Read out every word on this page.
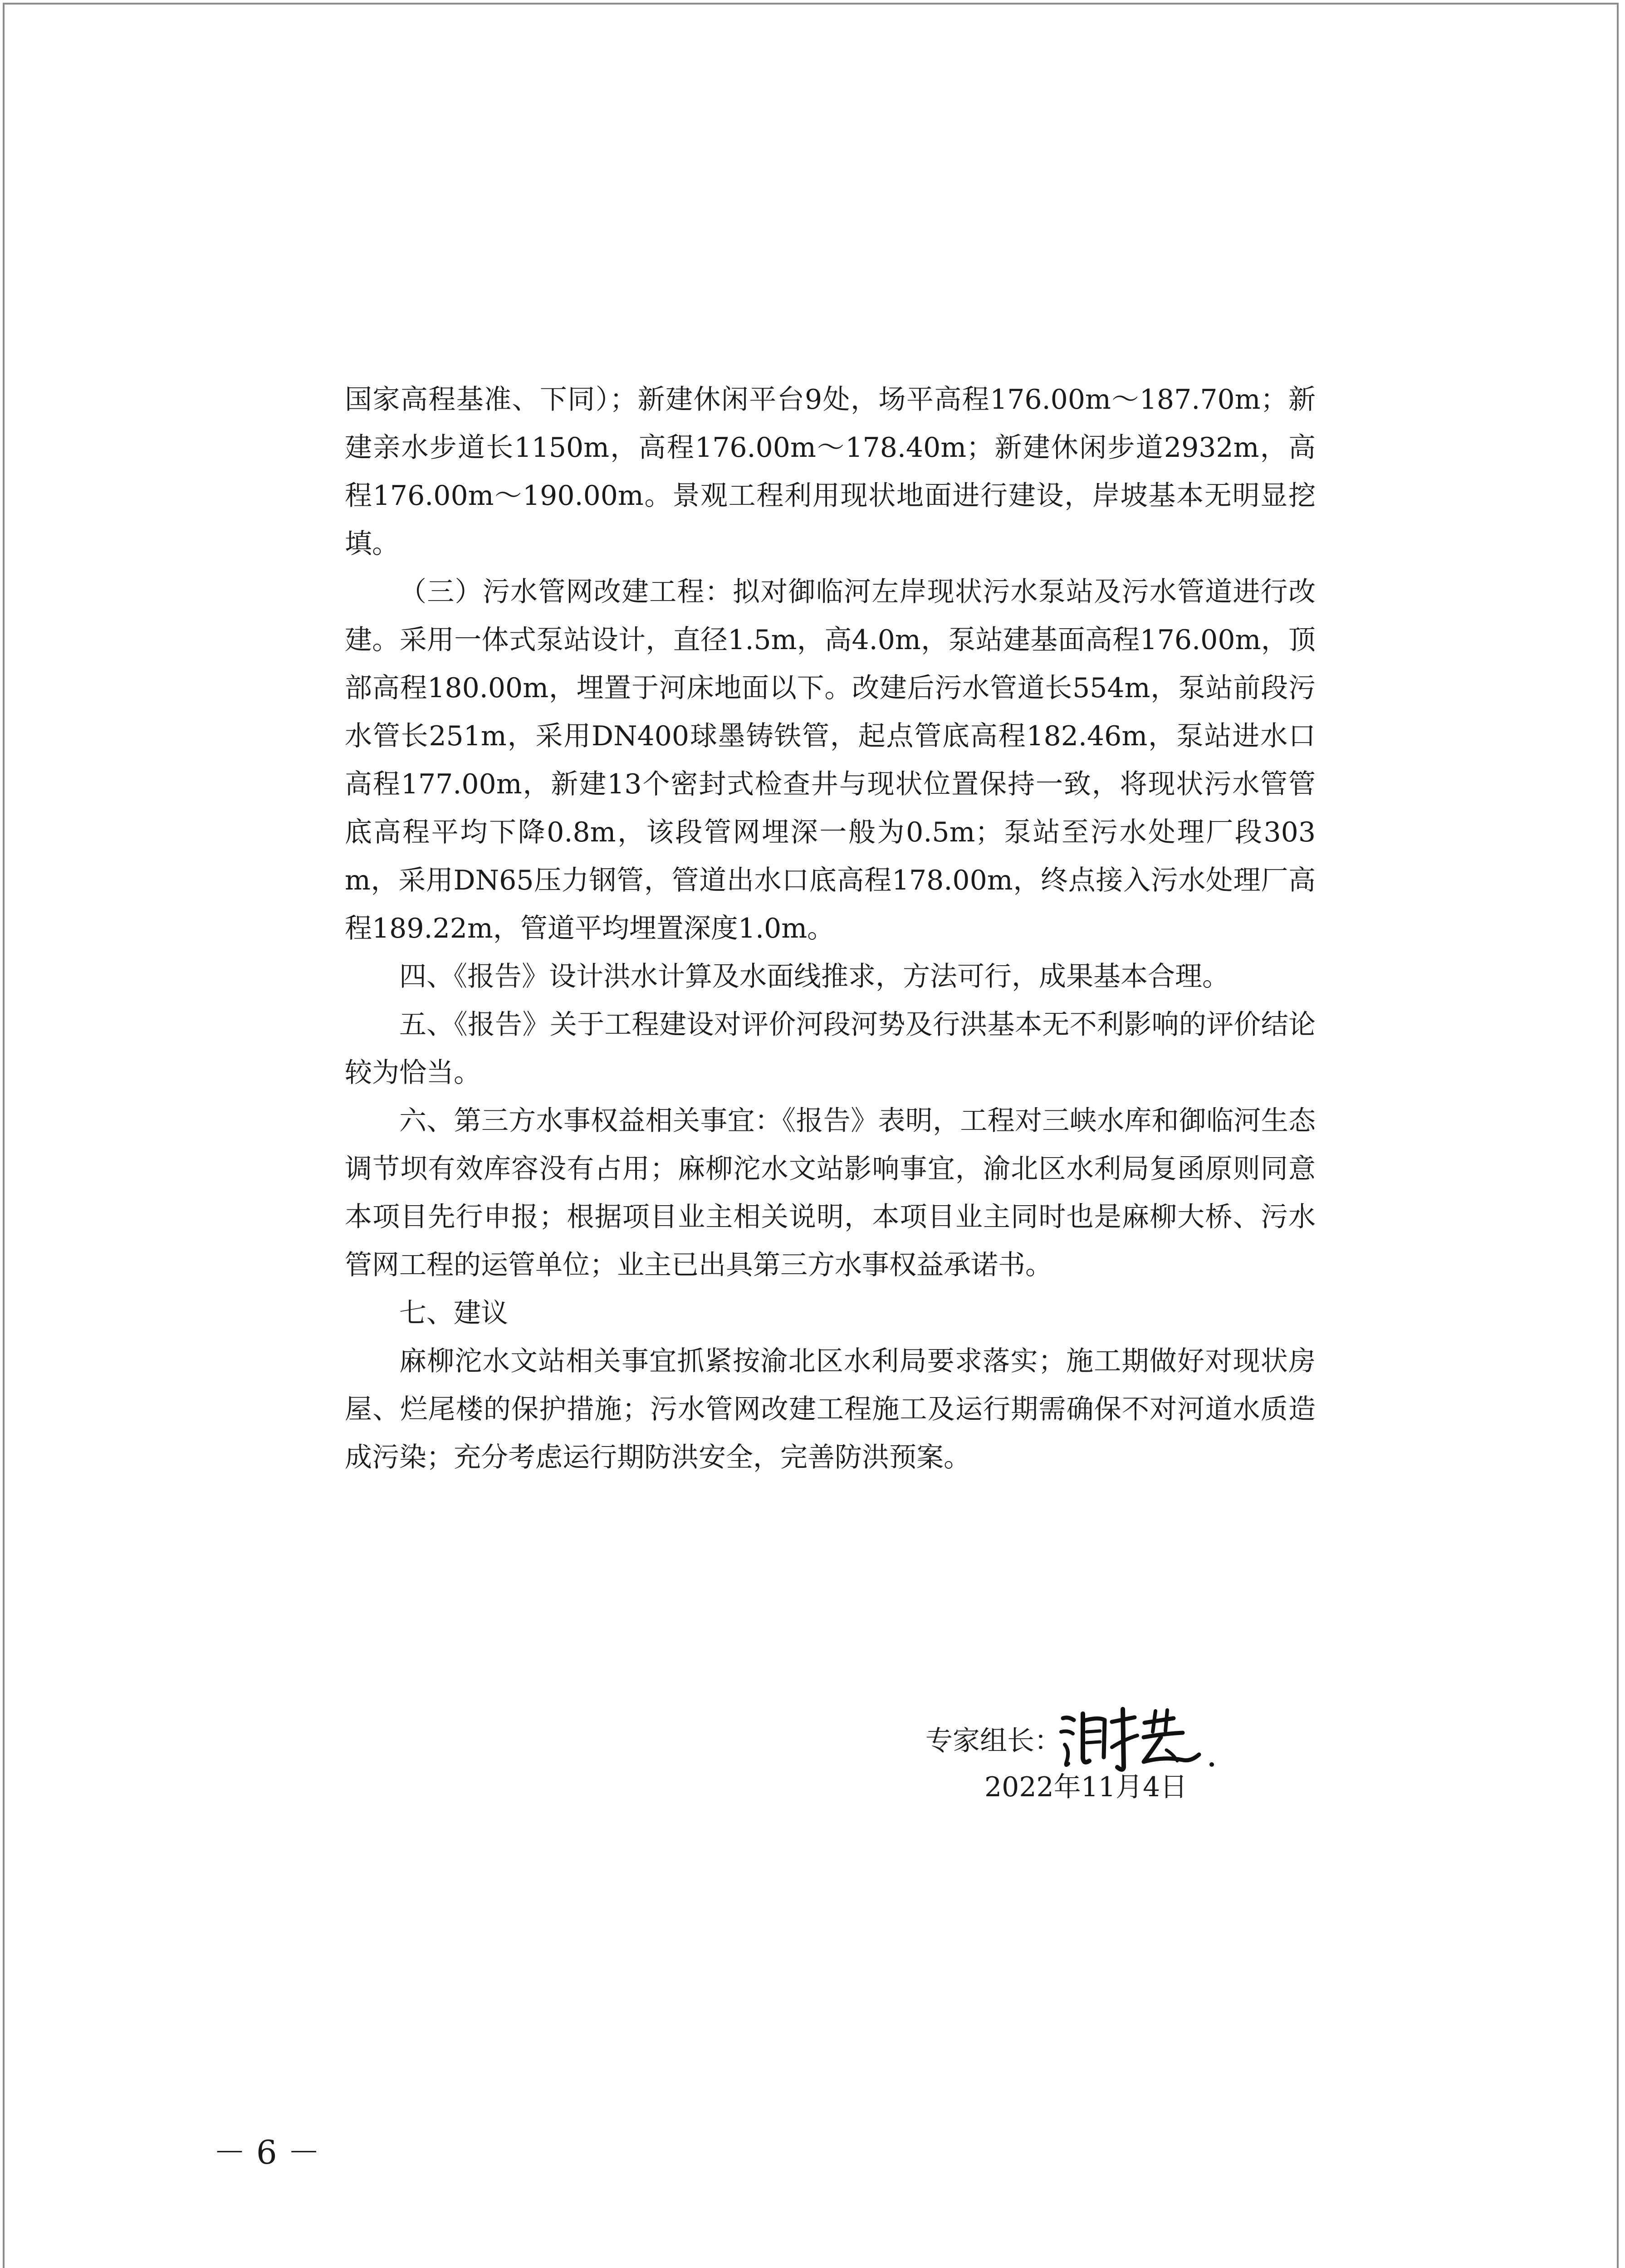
国家高程基准、下同）；新建休闲平台9处，场平高程176.00m～187.70m；新建亲水步道长1150m，高程176.00m～178.40m；新建休闲步道2932m，高程176.00m～190.00m。景观工程利用现状地面进行建设，岸坡基本无明显挖填。

（三）污水管网改建工程：拟对御临河左岸现状污水泵站及污水管道进行改建。采用一体式泵站设计，直径1.5m，高4.0m，泵站建基面高程176.00m，顶部高程180.00m，埋置于河床地面以下。改建后污水管道长554m，泵站前段污水管长251m，采用DN400球墨铸铁管，起点管底高程182.46m，泵站进水口高程177.00m，新建13个密封式检查井与现状位置保持一致，将现状污水管管底高程平均下降0.8m，该段管网埋深一般为0.5m；泵站至污水处理厂段303m，采用DN65压力钢管，管道出水口底高程178.00m，终点接入污水处理厂高程189.22m，管道平均埋置深度1.0m。

四、《报告》设计洪水计算及水面线推求，方法可行，成果基本合理。

五、《报告》关于工程建设对评价河段河势及行洪基本无不利影响的评价结论较为恰当。

六、第三方水事权益相关事宜：《报告》表明，工程对三峡水库和御临河生态调节坝有效库容没有占用；麻柳沱水文站影响事宜，渝北区水利局复函原则同意本项目先行申报；根据项目业主相关说明，本项目业主同时也是麻柳大桥、污水管网工程的运管单位；业主已出具第三方水事权益承诺书。

七、建议

麻柳沱水文站相关事宜抓紧按渝北区水利局要求落实；施工期做好对现状房屋、烂尾楼的保护措施；污水管网改建工程施工及运行期需确保不对河道水质造成污染；充分考虑运行期防洪安全，完善防洪预案。

专家组长：
2022年11月4日
－ 6 －
